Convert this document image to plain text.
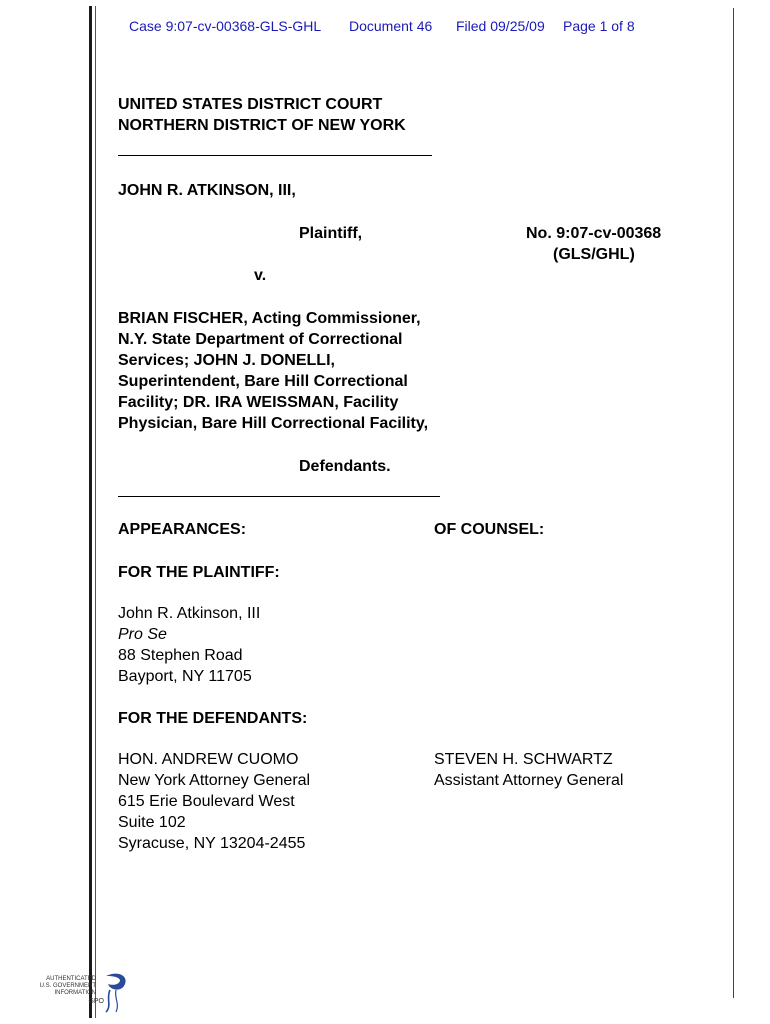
Case 9:07-cv-00368-GLS-GHL Document 46 Filed 09/25/09 Page 1 of 8
UNITED STATES DISTRICT COURT
NORTHERN DISTRICT OF NEW YORK
JOHN R. ATKINSON, III,
Plaintiff,	No. 9:07-cv-00368
(GLS/GHL)
v.
BRIAN FISCHER, Acting Commissioner,
N.Y. State Department of Correctional
Services; JOHN J. DONELLI,
Superintendent, Bare Hill Correctional
Facility; DR. IRA WEISSMAN, Facility
Physician, Bare Hill Correctional Facility,
Defendants.
APPEARANCES:	OF COUNSEL:
FOR THE PLAINTIFF:
John R. Atkinson, III
Pro Se
88 Stephen Road
Bayport, NY 11705
FOR THE DEFENDANTS:
HON. ANDREW CUOMO
New York Attorney General
615 Erie Boulevard West
Suite 102
Syracuse, NY 13204-2455
STEVEN H. SCHWARTZ
Assistant Attorney General
AUTHENTICATED
U.S. GOVERNMENT
INFORMATION
GPO
